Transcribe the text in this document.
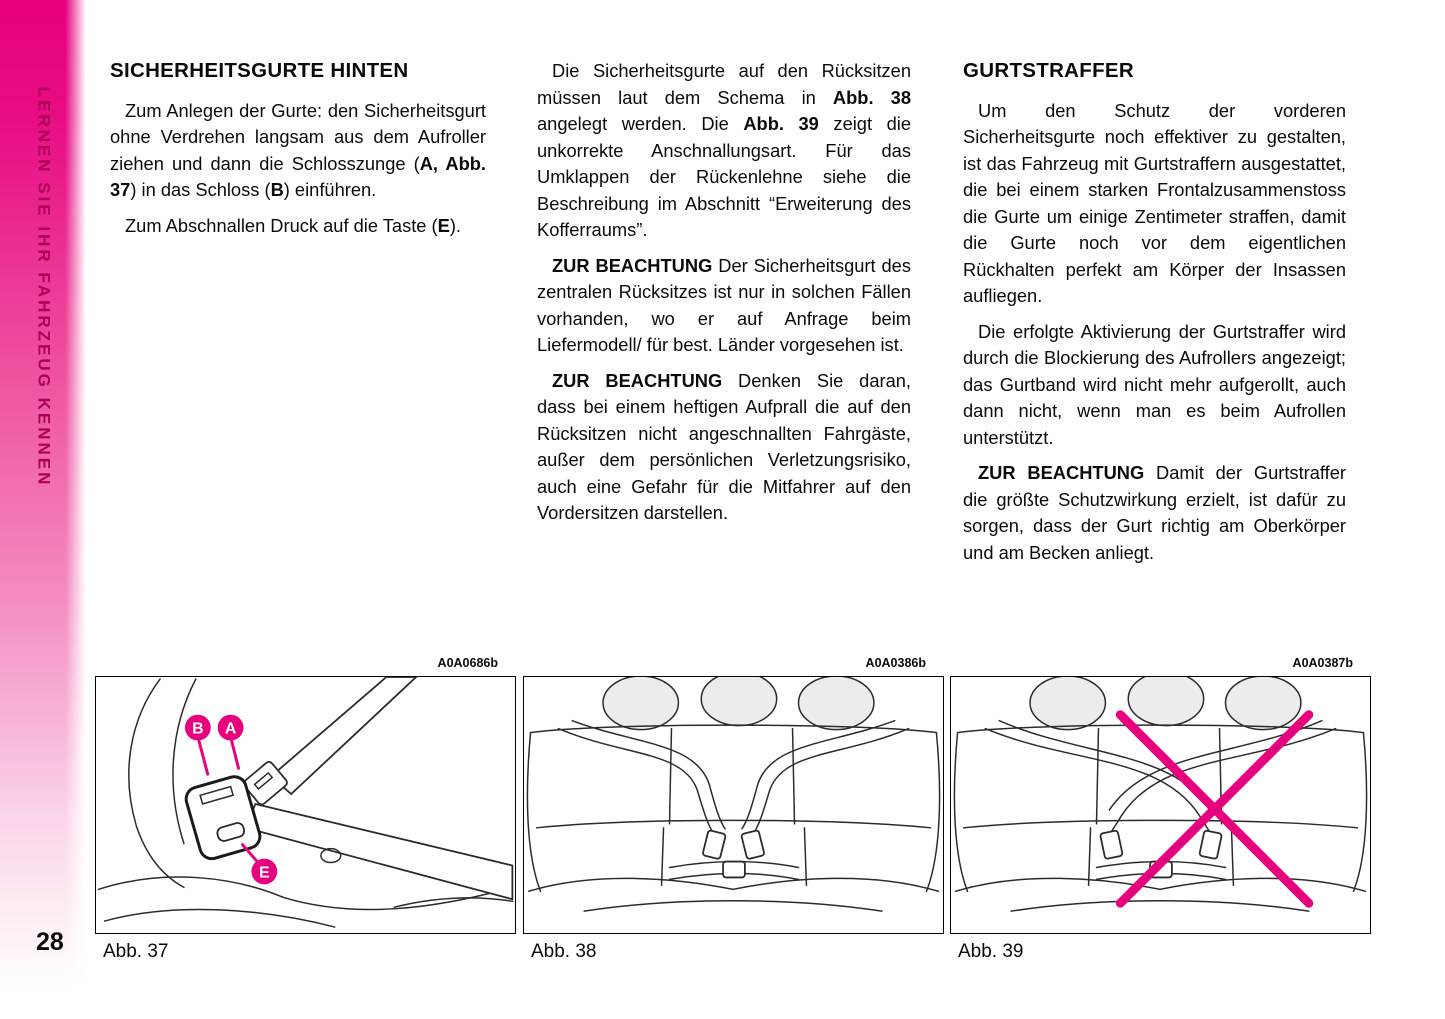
LERNEN SIE IHR FAHRZEUG KENNEN
SICHERHEITSGURTE HINTEN

Zum Anlegen der Gurte: den Sicherheitsgurt ohne Verdrehen langsam aus dem Aufroller ziehen und dann die Schlosszunge (A, Abb. 37) in das Schloss (B) einführen.

Zum Abschnallen Druck auf die Taste (E).

Die Sicherheitsgurte auf den Rücksitzen müssen laut dem Schema in Abb. 38 angelegt werden. Die Abb. 39 zeigt die unkorrekte Anschnallungsart. Für das Umklappen der Rückenlehne siehe die Beschreibung im Abschnitt “Erweiterung des Kofferraums”.

ZUR BEACHTUNG Der Sicherheitsgurt des zentralen Rücksitzes ist nur in solchen Fällen vorhanden, wo er auf Anfrage beim Liefermodell/ für best. Länder vorgesehen ist.

ZUR BEACHTUNG Denken Sie daran, dass bei einem heftigen Aufprall die auf den Rücksitzen nicht angeschnallten Fahrgäste, außer dem persönlichen Verletzungsrisiko, auch eine Gefahr für die Mitfahrer auf den Vordersitzen darstellen.

GURTSTRAFFER

Um den Schutz der vorderen Sicherheitsgurte noch effektiver zu gestalten, ist das Fahrzeug mit Gurtstraffern ausgestattet, die bei einem starken Frontalzusammenstoss die Gurte um einige Zentimeter straffen, damit die Gurte noch vor dem eigentlichen Rückhalten perfekt am Körper der Insassen aufliegen.

Die erfolgte Aktivierung der Gurtstraffer wird durch die Blockierung des Aufrollers angezeigt; das Gurtband wird nicht mehr aufgerollt, auch dann nicht, wenn man es beim Aufrollen unterstützt.

ZUR BEACHTUNG Damit der Gurtstraffer die größte Schutzwirkung erzielt, ist dafür zu sorgen, dass der Gurt richtig am Oberkörper und am Becken anliegt.

A0A0686b
B A
E
Abb. 37
A0A0386b
Abb. 38
A0A0387b
Abb. 39
28
